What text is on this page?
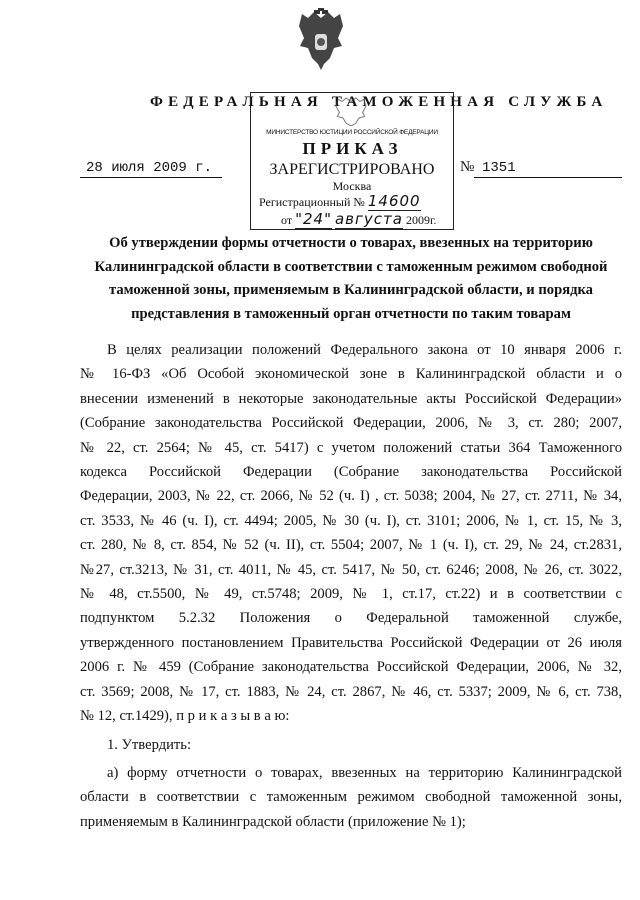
ФЕДЕРАЛЬНАЯ ТАМОЖЕННАЯ СЛУЖБА
28 июля 2009 г.	№ 1351
МИНИСТЕРСТВО ЮСТИЦИИ РОССИЙСКОЙ ФЕДЕРАЦИИ
ЗАРЕГИСТРИРОВАНО
Москва
Регистрационный № 14600
от "24" августа 2009г.
ПРИКАЗ
Об утверждении формы отчетности о товарах, ввезенных на территорию
Калининградской области в соответствии с таможенным режимом свободной
таможенной зоны, применяемым в Калининградской области, и порядка
представления в таможенный орган отчетности по таким товарам
В целях реализации положений Федерального закона от 10 января 2006 г.
№ 16-ФЗ «Об Особой экономической зоне в Калининградской области и о
внесении изменений в некоторые законодательные акты Российской Федерации»
(Собрание законодательства Российской Федерации, 2006, № 3, ст. 280; 2007,
№ 22, ст. 2564; № 45, ст. 5417) с учетом положений статьи 364 Таможенного
кодекса Российской Федерации (Собрание законодательства Российской
Федерации, 2003, № 22, ст. 2066, № 52 (ч. I) , ст. 5038; 2004, № 27, ст. 2711, № 34,
ст. 3533, № 46 (ч. I), ст. 4494; 2005, № 30 (ч. I), ст. 3101; 2006, № 1, ст. 15, № 3,
ст. 280, № 8, ст. 854, № 52 (ч. II), ст. 5504; 2007, № 1 (ч. I), ст. 29, № 24, ст.2831,
№27, ст.3213, № 31, ст. 4011, № 45, ст. 5417, № 50, ст. 6246; 2008, № 26, ст. 3022,
№ 48, ст.5500, № 49, ст.5748; 2009, № 1, ст.17, ст.22) и в соответствии с
подпунктом 5.2.32 Положения о Федеральной таможенной службе,
утвержденного постановлением Правительства Российской Федерации от 26 июля
2006 г. № 459 (Собрание законодательства Российской Федерации, 2006, № 32,
ст. 3569; 2008, № 17, ст. 1883, № 24, ст. 2867, № 46, ст. 5337; 2009, № 6, ст. 738,
№ 12, ст.1429), п р и к а з ы в а ю:
1. Утвердить:
а) форму отчетности о товарах, ввезенных на территорию Калининградской
области в соответствии с таможенным режимом свободной таможенной зоны,
применяемым в Калининградской области (приложение № 1);
